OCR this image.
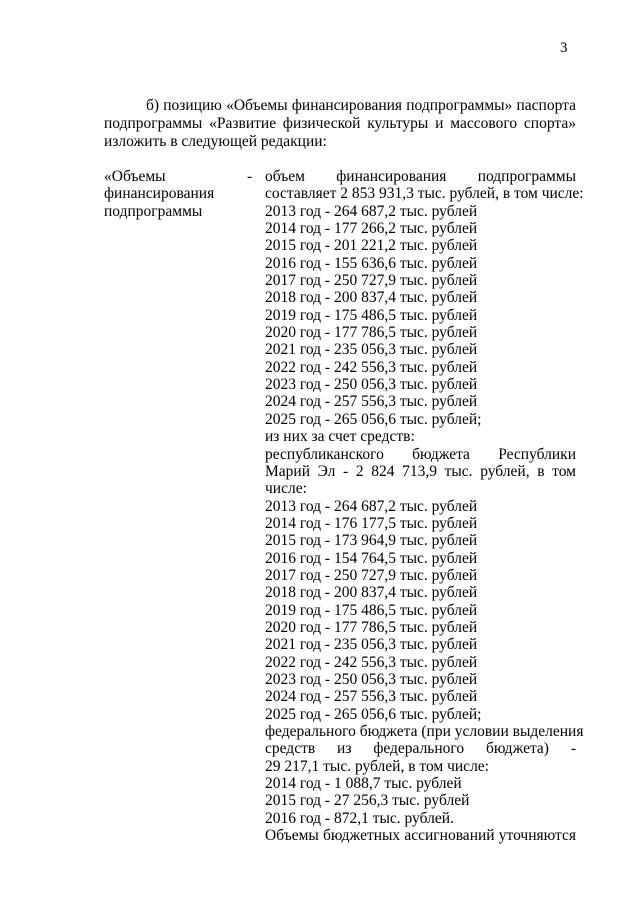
3
б) позицию «Объемы финансирования подпрограммы» паспорта
подпрограммы «Развитие физической культуры и массового спорта»
изложить в следующей редакции:
«Объемы
финансирования
подпрограммы
- объем финансирования подпрограммы
составляет 2 853 931,3 тыс. рублей, в том числе:
2013 год - 264 687,2 тыс. рублей
2014 год - 177 266,2 тыс. рублей
2015 год - 201 221,2 тыс. рублей
2016 год - 155 636,6 тыс. рублей
2017 год - 250 727,9 тыс. рублей
2018 год - 200 837,4 тыс. рублей
2019 год - 175 486,5 тыс. рублей
2020 год - 177 786,5 тыс. рублей
2021 год - 235 056,3 тыс. рублей
2022 год - 242 556,3 тыс. рублей
2023 год - 250 056,3 тыс. рублей
2024 год - 257 556,3 тыс. рублей
2025 год - 265 056,6 тыс. рублей;
из них за счет средств:
республиканского бюджета Республики
Марий Эл - 2 824 713,9 тыс. рублей, в том
числе:
2013 год - 264 687,2 тыс. рублей
2014 год - 176 177,5 тыс. рублей
2015 год - 173 964,9 тыс. рублей
2016 год - 154 764,5 тыс. рублей
2017 год - 250 727,9 тыс. рублей
2018 год - 200 837,4 тыс. рублей
2019 год - 175 486,5 тыс. рублей
2020 год - 177 786,5 тыс. рублей
2021 год - 235 056,3 тыс. рублей
2022 год - 242 556,3 тыс. рублей
2023 год - 250 056,3 тыс. рублей
2024 год - 257 556,3 тыс. рублей
2025 год - 265 056,6 тыс. рублей;
федерального бюджета (при условии выделения
средств из федерального бюджета) -
29 217,1 тыс. рублей, в том числе:
2014 год - 1 088,7 тыс. рублей
2015 год - 27 256,3 тыс. рублей
2016 год - 872,1 тыс. рублей.
Объемы бюджетных ассигнований уточняются
